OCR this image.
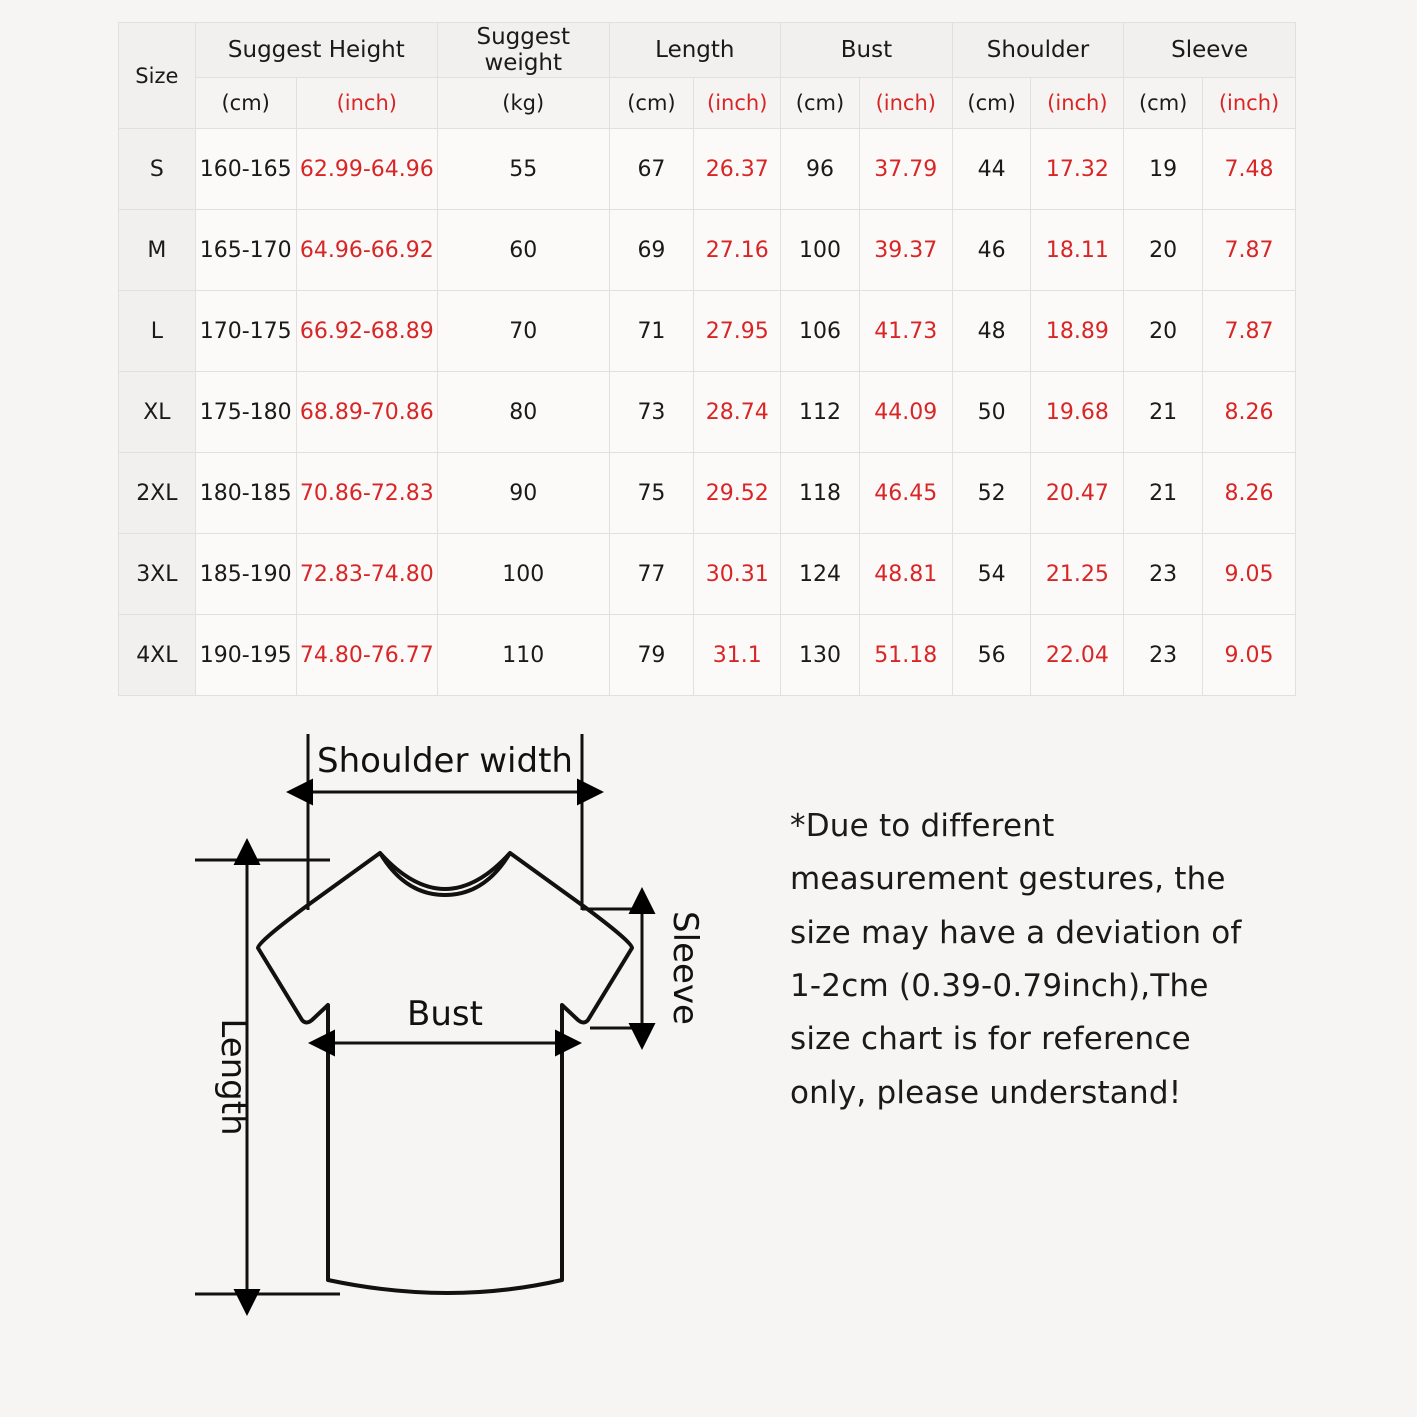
Size	Suggest Height		Suggest weight	Length		Bust		Shoulder		Sleeve	
	(cm)	(inch)	(kg)	(cm)	(inch)	(cm)	(inch)	(cm)	(inch)	(cm)	(inch)
S	160-165	62.99-64.96	55	67	26.37	96	37.79	44	17.32	19	7.48
M	165-170	64.96-66.92	60	69	27.16	100	39.37	46	18.11	20	7.87
L	170-175	66.92-68.89	70	71	27.95	106	41.73	48	18.89	20	7.87
XL	175-180	68.89-70.86	80	73	28.74	112	44.09	50	19.68	21	8.26
2XL	180-185	70.86-72.83	90	75	29.52	118	46.45	52	20.47	21	8.26
3XL	185-190	72.83-74.80	100	77	30.31	124	48.81	54	21.25	23	9.05
4XL	190-195	74.80-76.77	110	79	31.1	130	51.18	56	22.04	23	9.05
Shoulder width
Bust	Sleeve
Length

*Due to different measurement gestures, the size may have a deviation of 1-2cm (0.39-0.79inch),The size chart is for reference only, please understand!
